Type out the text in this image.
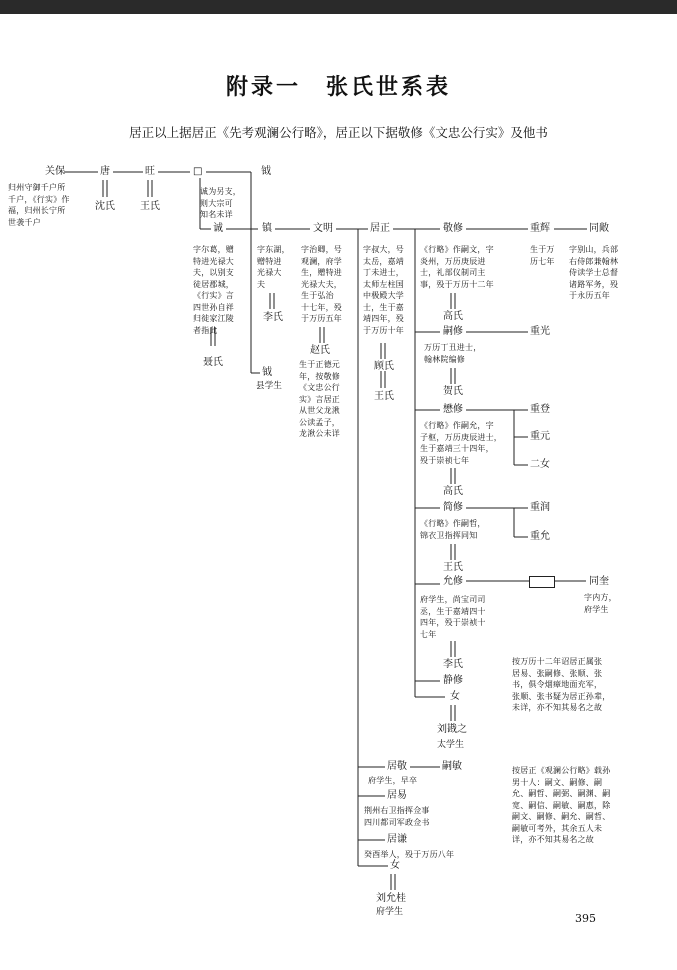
附录一　张氏世系表
居正以上据居正《先考观澜公行略》，居正以下据敬修《文忠公行实》及他书
关保	唐	旺	□	钺
沈氏	王氏
诚	镇	文明	居正	敬修	重辉	同敞
聂氏
李氏
赵氏
顾氏
王氏
钺
县学生
高氏
嗣修	重光
贺氏
懋修	重登
重元
二女
高氏
简修	重润
重允
王氏
允修	同奎
李氏
静修
女
刘戡之
太学生
居敬	嗣敏
居易
居谦
女
刘允桂
府学生
归州守御千户所
千户，《行实》作
福，归州长宁所
世袭千户
诚为另支，
则大宗可
知名未详
字尔葛，赠
特进光禄大
夫，以别支
徒居郡城，
《行实》言
四世孙自祥
归徙家江陵
者指此
字东湖，
赠特进
光禄大
夫
字治卿，号
观澜，府学
生，赠特进
光禄大夫，
生于弘治
十七年，殁
于万历五年
生于正德元
年，按敬修
《文忠公行
实》言居正
从世父龙湫
公读孟子，
龙湫公未详
字叔大，号
太岳，嘉靖
丁未进士，
太师左柱国
中极殿大学
士，生于嘉
靖四年，殁
于万历十年
《行略》作嗣文，字
炎州，万历庚辰进
士，礼部仪制司主
事，殁于万历十二年
生于万
历七年
字别山，兵部
右侍郎兼翰林
侍读学士总督
诸路军务，殁
于永历五年
万历丁丑进士，
翰林院编修
《行略》作嗣允，字
子枢，万历庚辰进士，
生于嘉靖三十四年，
殁于崇祯七年
《行略》作嗣哲，
锦衣卫指挥同知
府学生，尚宝司司
丞，生于嘉靖四十
四年，殁于崇祯十
七年
字内方，
府学生
按万历十二年诏居正属张
居易、张嗣修、张顺、张
书，俱令烟瘴地面充军，
张顺、张书疑为居正孙辈，
未详，亦不知其易名之故
府学生，早卒
荆州右卫指挥佥事
四川都司军政佥书
癸酉举人，殁于万历八年
按居正《观澜公行略》载孙
男十人：嗣文、嗣修、嗣
允、嗣哲、嗣弼、嗣渊、嗣
宽、嗣信、嗣敏、嗣惠，除
嗣文、嗣修、嗣允、嗣哲、
嗣敏可考外，其余五人未
详，亦不知其易名之故
395
